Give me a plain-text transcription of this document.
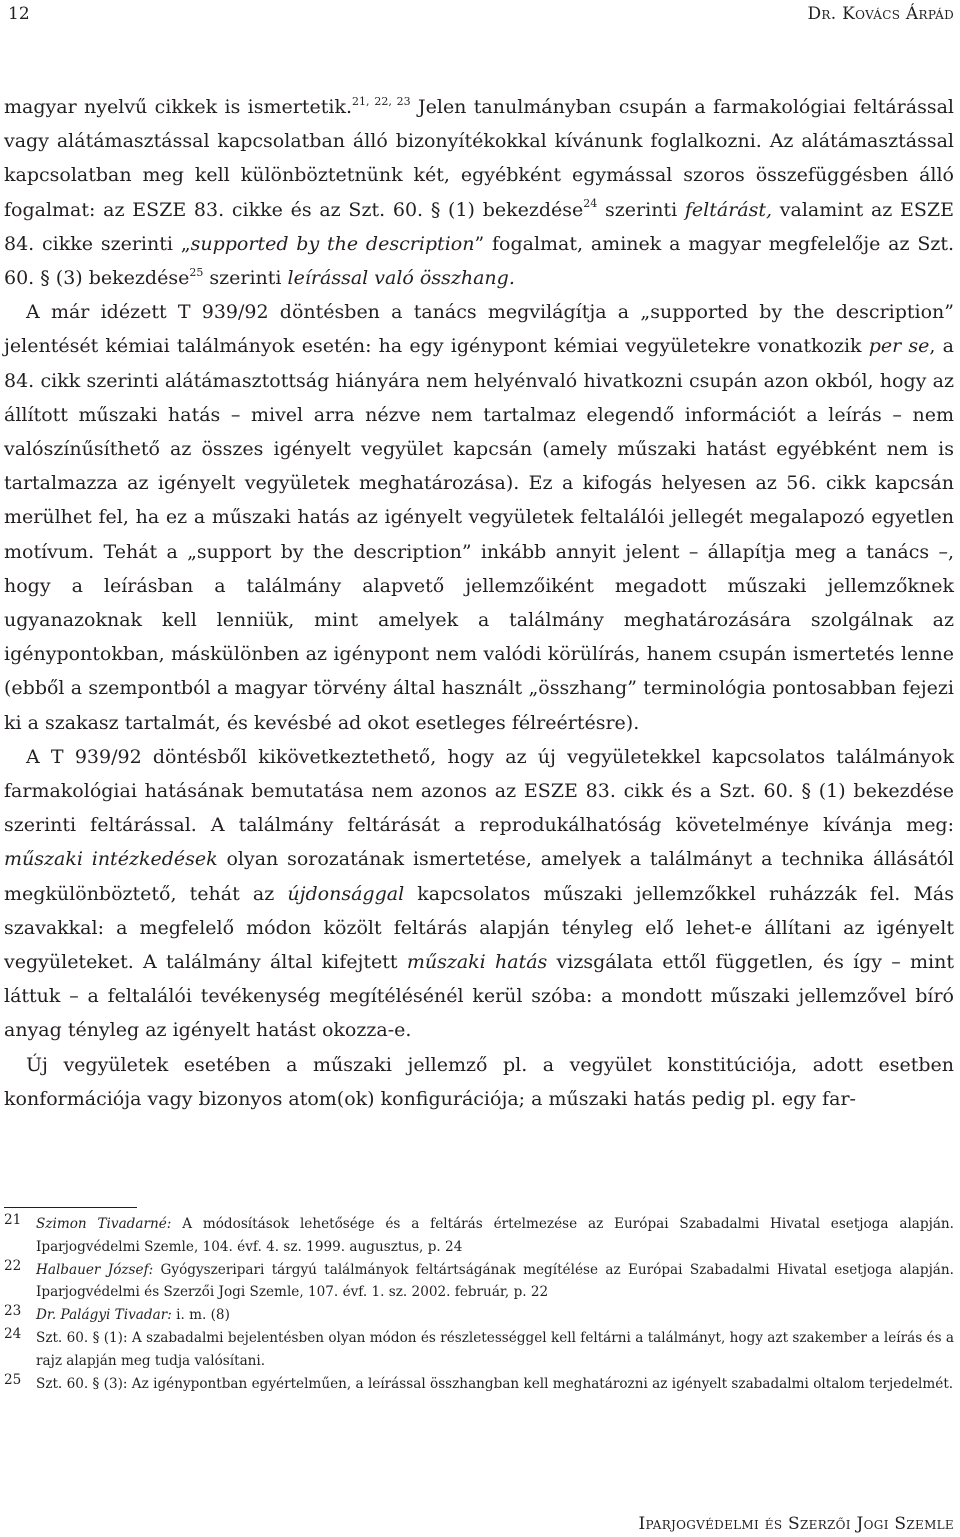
12	Dr. Kovács Árpád

magyar nyelvű cikkek is ismertetik.$^{21, 22, 23}$ Jelen tanulmányban csupán a farmakológiai feltárással vagy alátámasztással kapcsolatban álló bizonyítékokkal kívánunk foglalkozni. Az alátámasztással kapcsolatban meg kell különböztetnünk két, egyébként egymással szoros összefüggésben álló fogalmat: az ESZE 83. cikke és az Szt. 60. § (1) bekezdése$^{24}$ szerinti feltárást, valamint az ESZE 84. cikke szerinti „supported by the description” fogalmat, aminek a magyar megfelelője az Szt. 60. § (3) bekezdése$^{25}$ szerinti leírással való összhang.

A már idézett T 939/92 döntésben a tanács megvilágítja a „supported by the description” jelentését kémiai találmányok esetén: ha egy igénypont kémiai vegyületekre vonatkozik per se, a 84. cikk szerinti alátámasztottság hiányára nem helyénvaló hivatkozni csupán azon okból, hogy az állított műszaki hatás – mivel arra nézve nem tartalmaz elegendő információt a leírás – nem valószínűsíthető az összes igényelt vegyület kapcsán (amely műszaki hatást egyébként nem is tartalmazza az igényelt vegyületek meghatározása). Ez a kifogás helyesen az 56. cikk kapcsán merülhet fel, ha ez a műszaki hatás az igényelt vegyületek feltalálói jellegét megalapozó egyetlen motívum. Tehát a „support by the description” inkább annyit jelent – állapítja meg a tanács –, hogy a leírásban a találmány alapvető jellemzőiként megadott műszaki jellemzőknek ugyanazoknak kell lenniük, mint amelyek a találmány meghatározására szolgálnak az igénypontokban, máskülönben az igénypont nem valódi körülírás, hanem csupán ismertetés lenne (ebből a szempontból a magyar törvény által használt „összhang” terminológia pontosabban fejezi ki a szakasz tartalmát, és kevésbé ad okot esetleges félreértésre).

A T 939/92 döntésből kikövetkeztethető, hogy az új vegyületekkel kapcsolatos találmányok farmakológiai hatásának bemutatása nem azonos az ESZE 83. cikk és a Szt. 60. § (1) bekezdése szerinti feltárással. A találmány feltárását a reprodukálhatóság követelménye kívánja meg: műszaki intézkedések olyan sorozatának ismertetése, amelyek a találmányt a technika állásától megkülönböztető, tehát az újdonsággal kapcsolatos műszaki jellemzőkkel ruházzák fel. Más szavakkal: a megfelelő módon közölt feltárás alapján tényleg elő lehet-e állítani az igényelt vegyületeket. A találmány által kifejtett műszaki hatás vizsgálata ettől független, és így – mint láttuk – a feltalálói tevékenység megítélésénél kerül szóba: a mondott műszaki jellemzővel bíró anyag tényleg az igényelt hatást okozza-e.

Új vegyületek esetében a műszaki jellemző pl. a vegyület konstitúciója, adott esetben konformációja vagy bizonyos atom(ok) konfigurációja; a műszaki hatás pedig pl. egy far-

21	Szimon Tivadarné: A módosítások lehetősége és a feltárás értelmezése az Európai Szabadalmi Hivatal esetjoga alapján. Iparjogvédelmi Szemle, 104. évf. 4. sz. 1999. augusztus, p. 24
22	Halbauer József: Gyógyszeripari tárgyú találmányok feltártságának megítélése az Európai Szabadalmi Hivatal esetjoga alapján. Iparjogvédelmi és Szerzői Jogi Szemle, 107. évf. 1. sz. 2002. február, p. 22
23	Dr. Palágyi Tivadar: i. m. (8)
24	Szt. 60. § (1): A szabadalmi bejelentésben olyan módon és részletességgel kell feltárni a találmányt, hogy azt szakember a leírás és a rajz alapján meg tudja valósítani.
25	Szt. 60. § (3): Az igénypontban egyértelműen, a leírással összhangban kell meghatározni az igényelt szabadalmi oltalom terjedelmét.
Iparjogvédelmi és Szerzői Jogi Szemle
